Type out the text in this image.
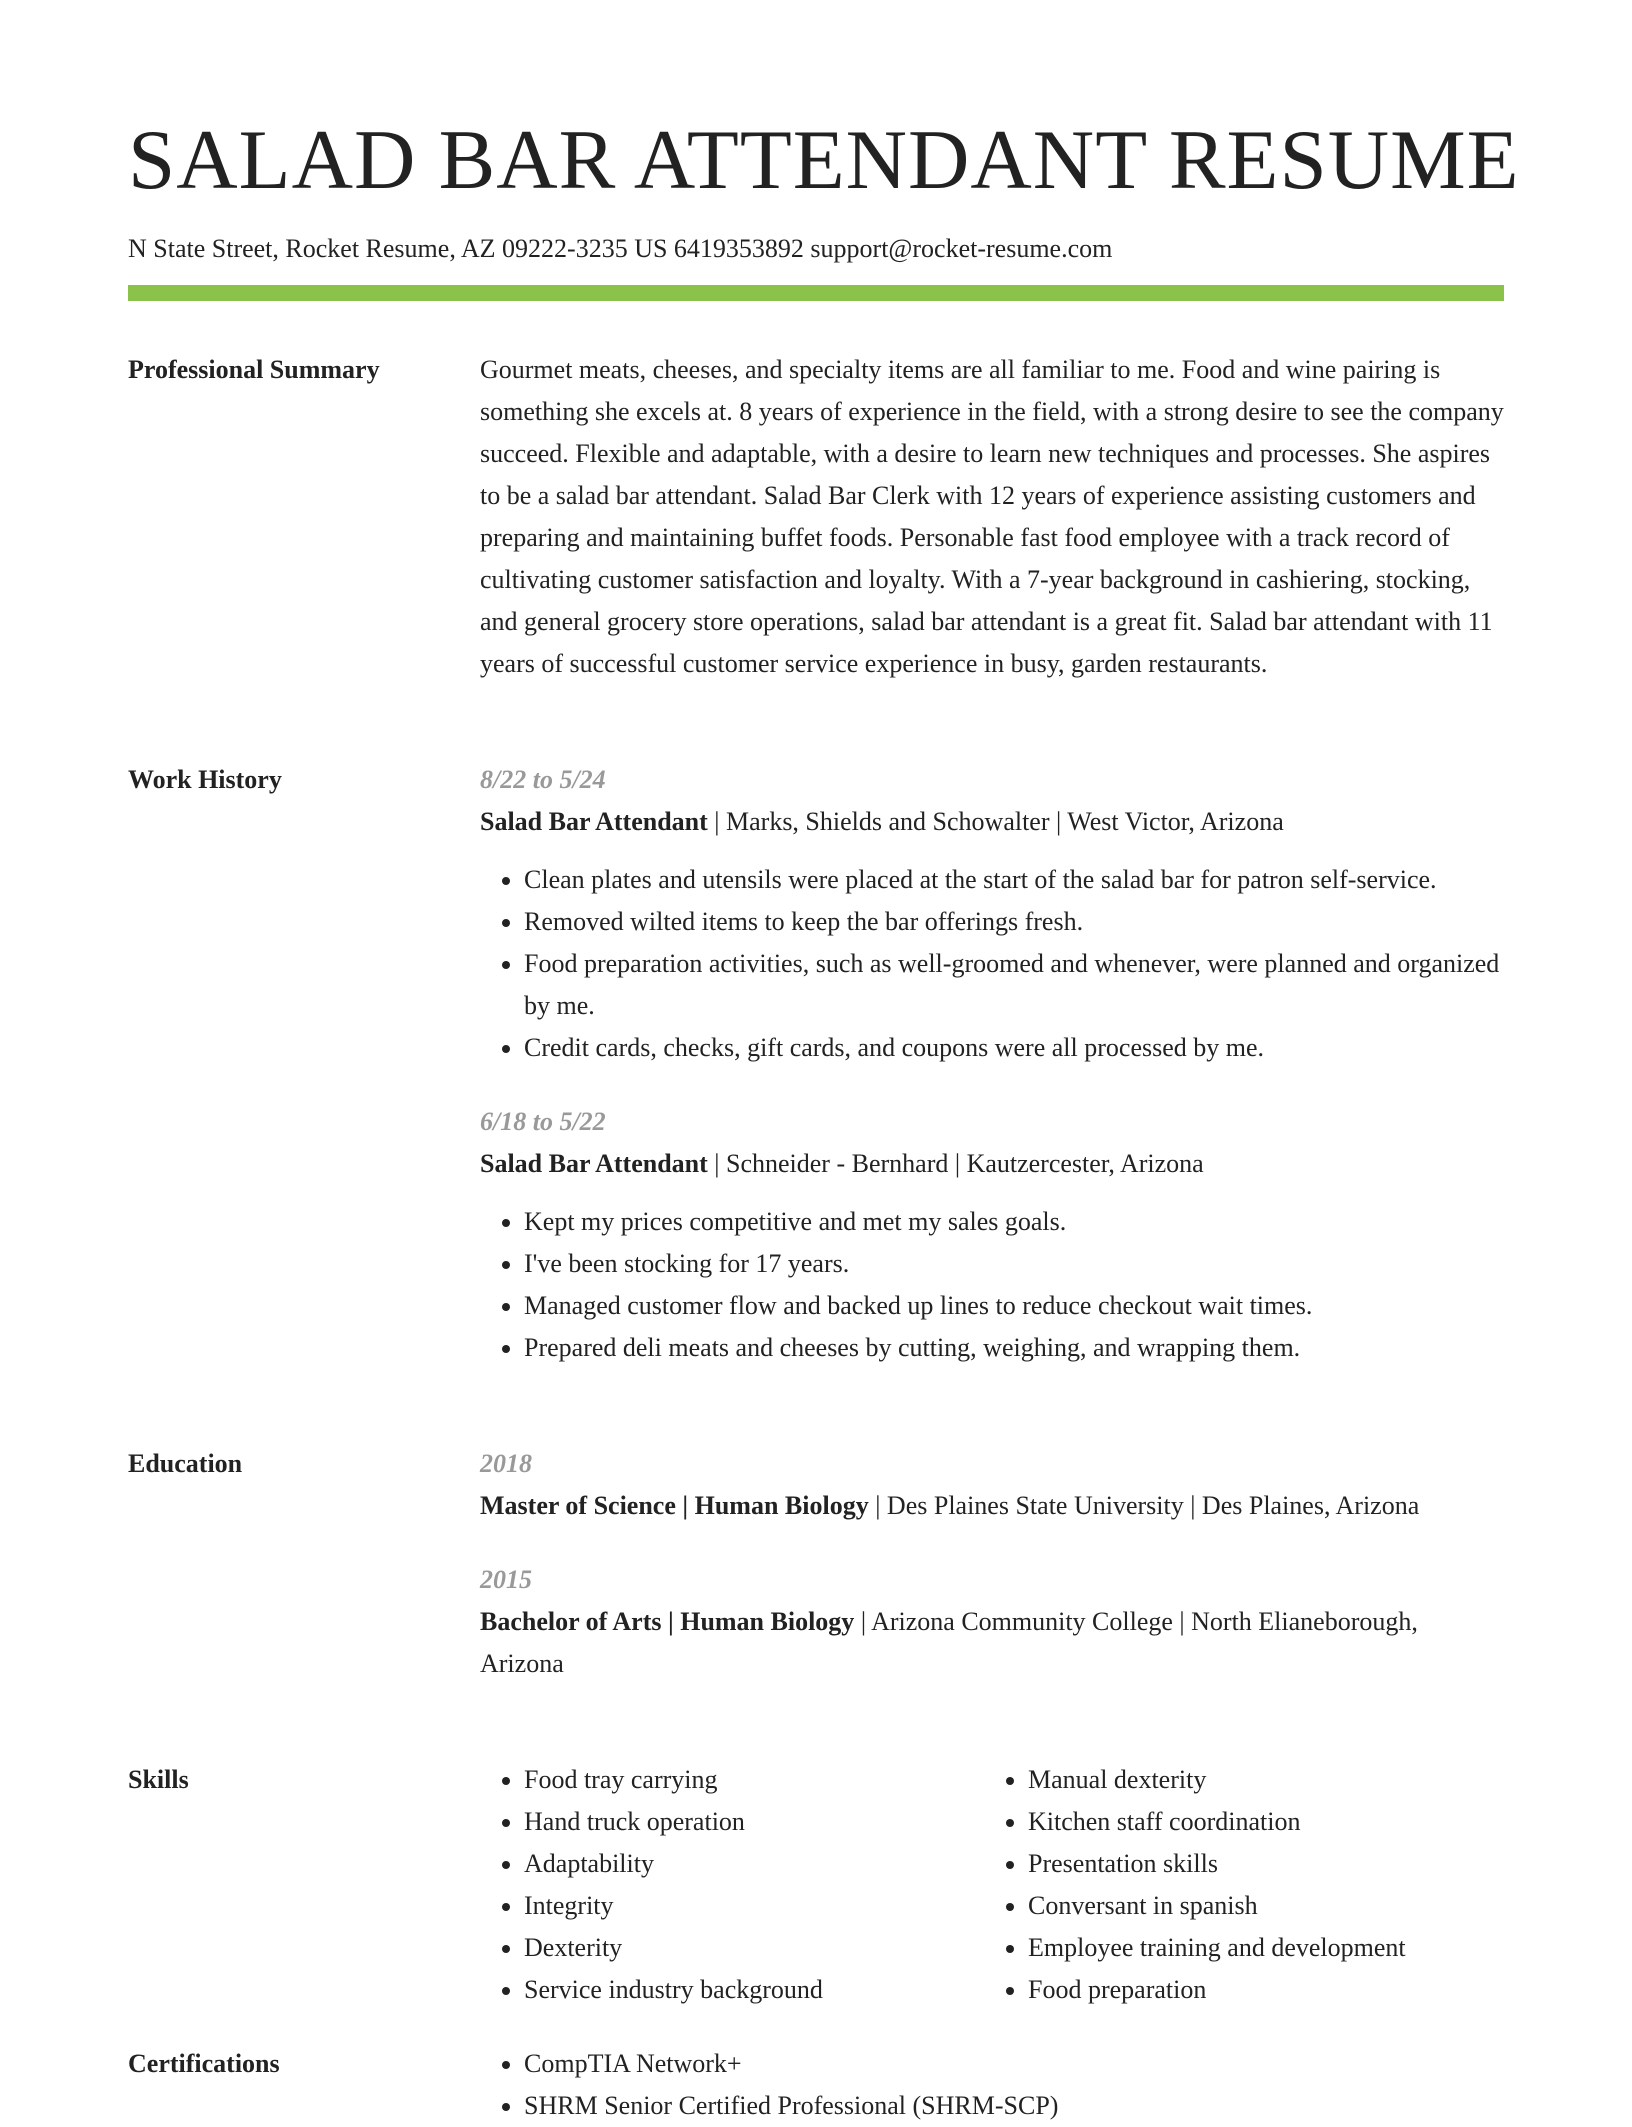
SALAD BAR ATTENDANT RESUME
N State Street, Rocket Resume, AZ 09222-3235 US 6419353892 support@rocket-resume.com
Professional Summary	Gourmet meats, cheeses, and specialty items are all familiar to me. Food and wine pairing is something she excels at. 8 years of experience in the field, with a strong desire to see the company succeed. Flexible and adaptable, with a desire to learn new techniques and processes. She aspires to be a salad bar attendant. Salad Bar Clerk with 12 years of experience assisting customers and preparing and maintaining buffet foods. Personable fast food employee with a track record of cultivating customer satisfaction and loyalty. With a 7-year background in cashiering, stocking, and general grocery store operations, salad bar attendant is a great fit. Salad bar attendant with 11 years of successful customer service experience in busy, garden restaurants.

Work History	8/22 to 5/24
Salad Bar Attendant | Marks, Shields and Schowalter | West Victor, Arizona
• Clean plates and utensils were placed at the start of the salad bar for patron self-service.
• Removed wilted items to keep the bar offerings fresh.
• Food preparation activities, such as well-groomed and whenever, were planned and organized by me.
• Credit cards, checks, gift cards, and coupons were all processed by me.
6/18 to 5/22
Salad Bar Attendant | Schneider - Bernhard | Kautzercester, Arizona
• Kept my prices competitive and met my sales goals.
• I've been stocking for 17 years.
• Managed customer flow and backed up lines to reduce checkout wait times.
• Prepared deli meats and cheeses by cutting, weighing, and wrapping them.
Education	2018
Master of Science | Human Biology | Des Plaines State University | Des Plaines, Arizona
2015
Bachelor of Arts | Human Biology | Arizona Community College | North Elianeborough, Arizona
Skills	• Food tray carrying
• Hand truck operation
• Adaptability
• Integrity
• Dexterity
• Service industry background
• Manual dexterity
• Kitchen staff coordination
• Presentation skills
• Conversant in spanish
• Employee training and development
• Food preparation
Certifications	• CompTIA Network+
• SHRM Senior Certified Professional (SHRM-SCP)
